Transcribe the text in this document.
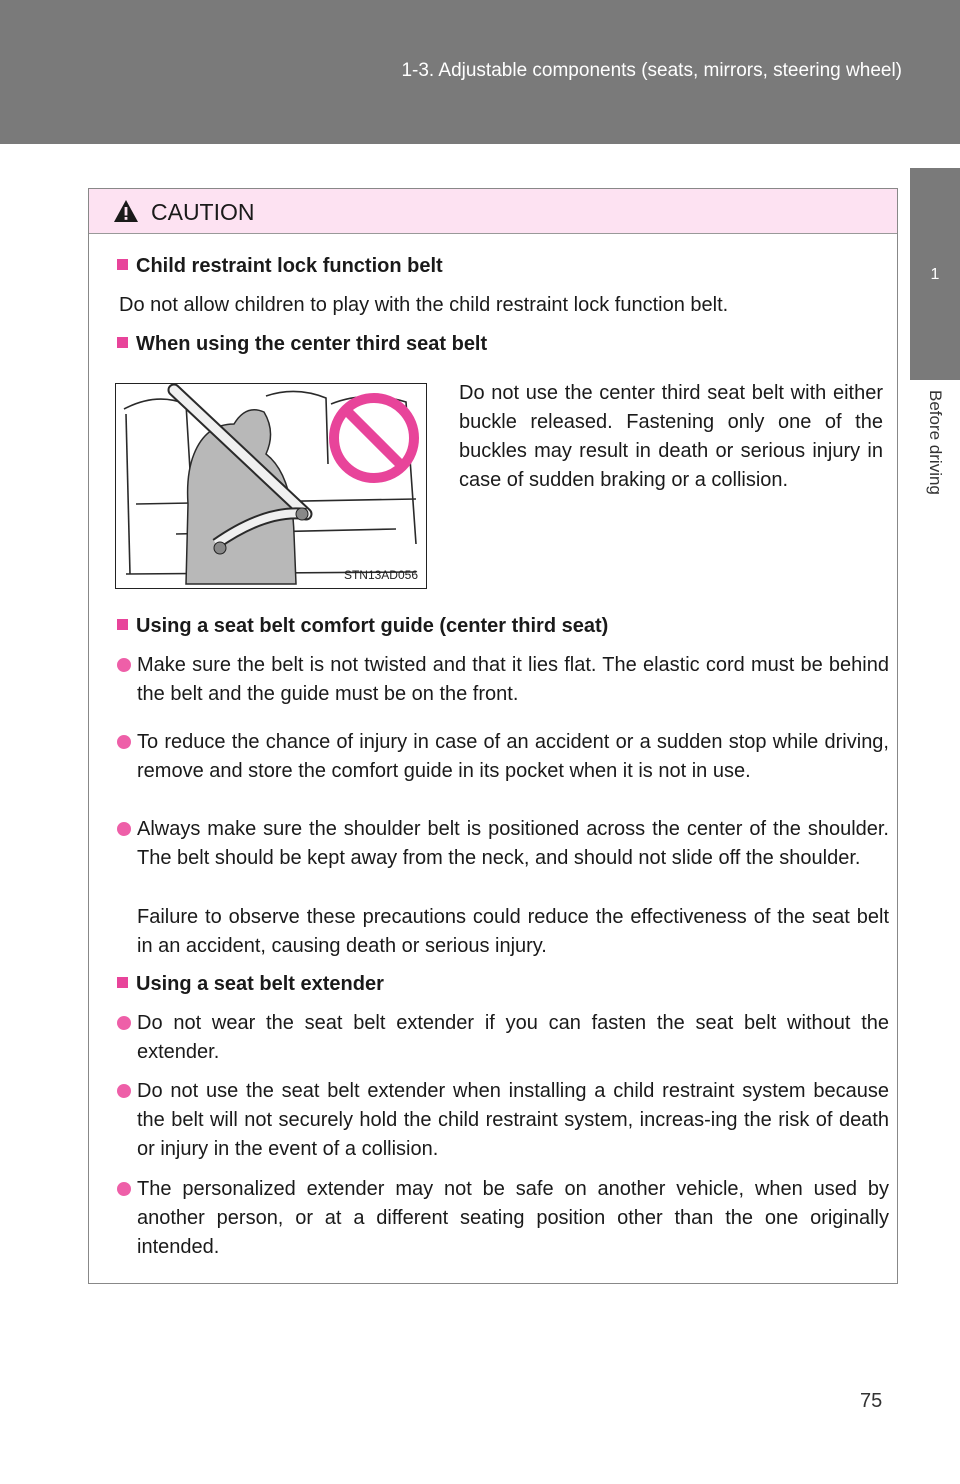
1-3. Adjustable components (seats, mirrors, steering wheel)
1
Before driving
CAUTION
Child restraint lock function belt
Do not allow children to play with the child restraint lock function belt.
When using the center third seat belt
STN13AD056
Do not use the center third seat belt with either buckle released. Fastening only one of the buckles may result in death or serious injury in case of sudden braking or a collision.
Using a seat belt comfort guide (center third seat)
Make sure the belt is not twisted and that it lies flat. The elastic cord must be behind the belt and the guide must be on the front.
To reduce the chance of injury in case of an accident or a sudden stop while driving, remove and store the comfort guide in its pocket when it is not in use.
Always make sure the shoulder belt is positioned across the center of the shoulder. The belt should be kept away from the neck, and should not slide off the shoulder.
Failure to observe these precautions could reduce the effectiveness of the seat belt in an accident, causing death or serious injury.
Using a seat belt extender
Do not wear the seat belt extender if you can fasten the seat belt without the extender.
Do not use the seat belt extender when installing a child restraint system because the belt will not securely hold the child restraint system, increas-ing the risk of death or injury in the event of a collision.
The personalized extender may not be safe on another vehicle, when used by another person, or at a different seating position other than the one originally intended.
75
